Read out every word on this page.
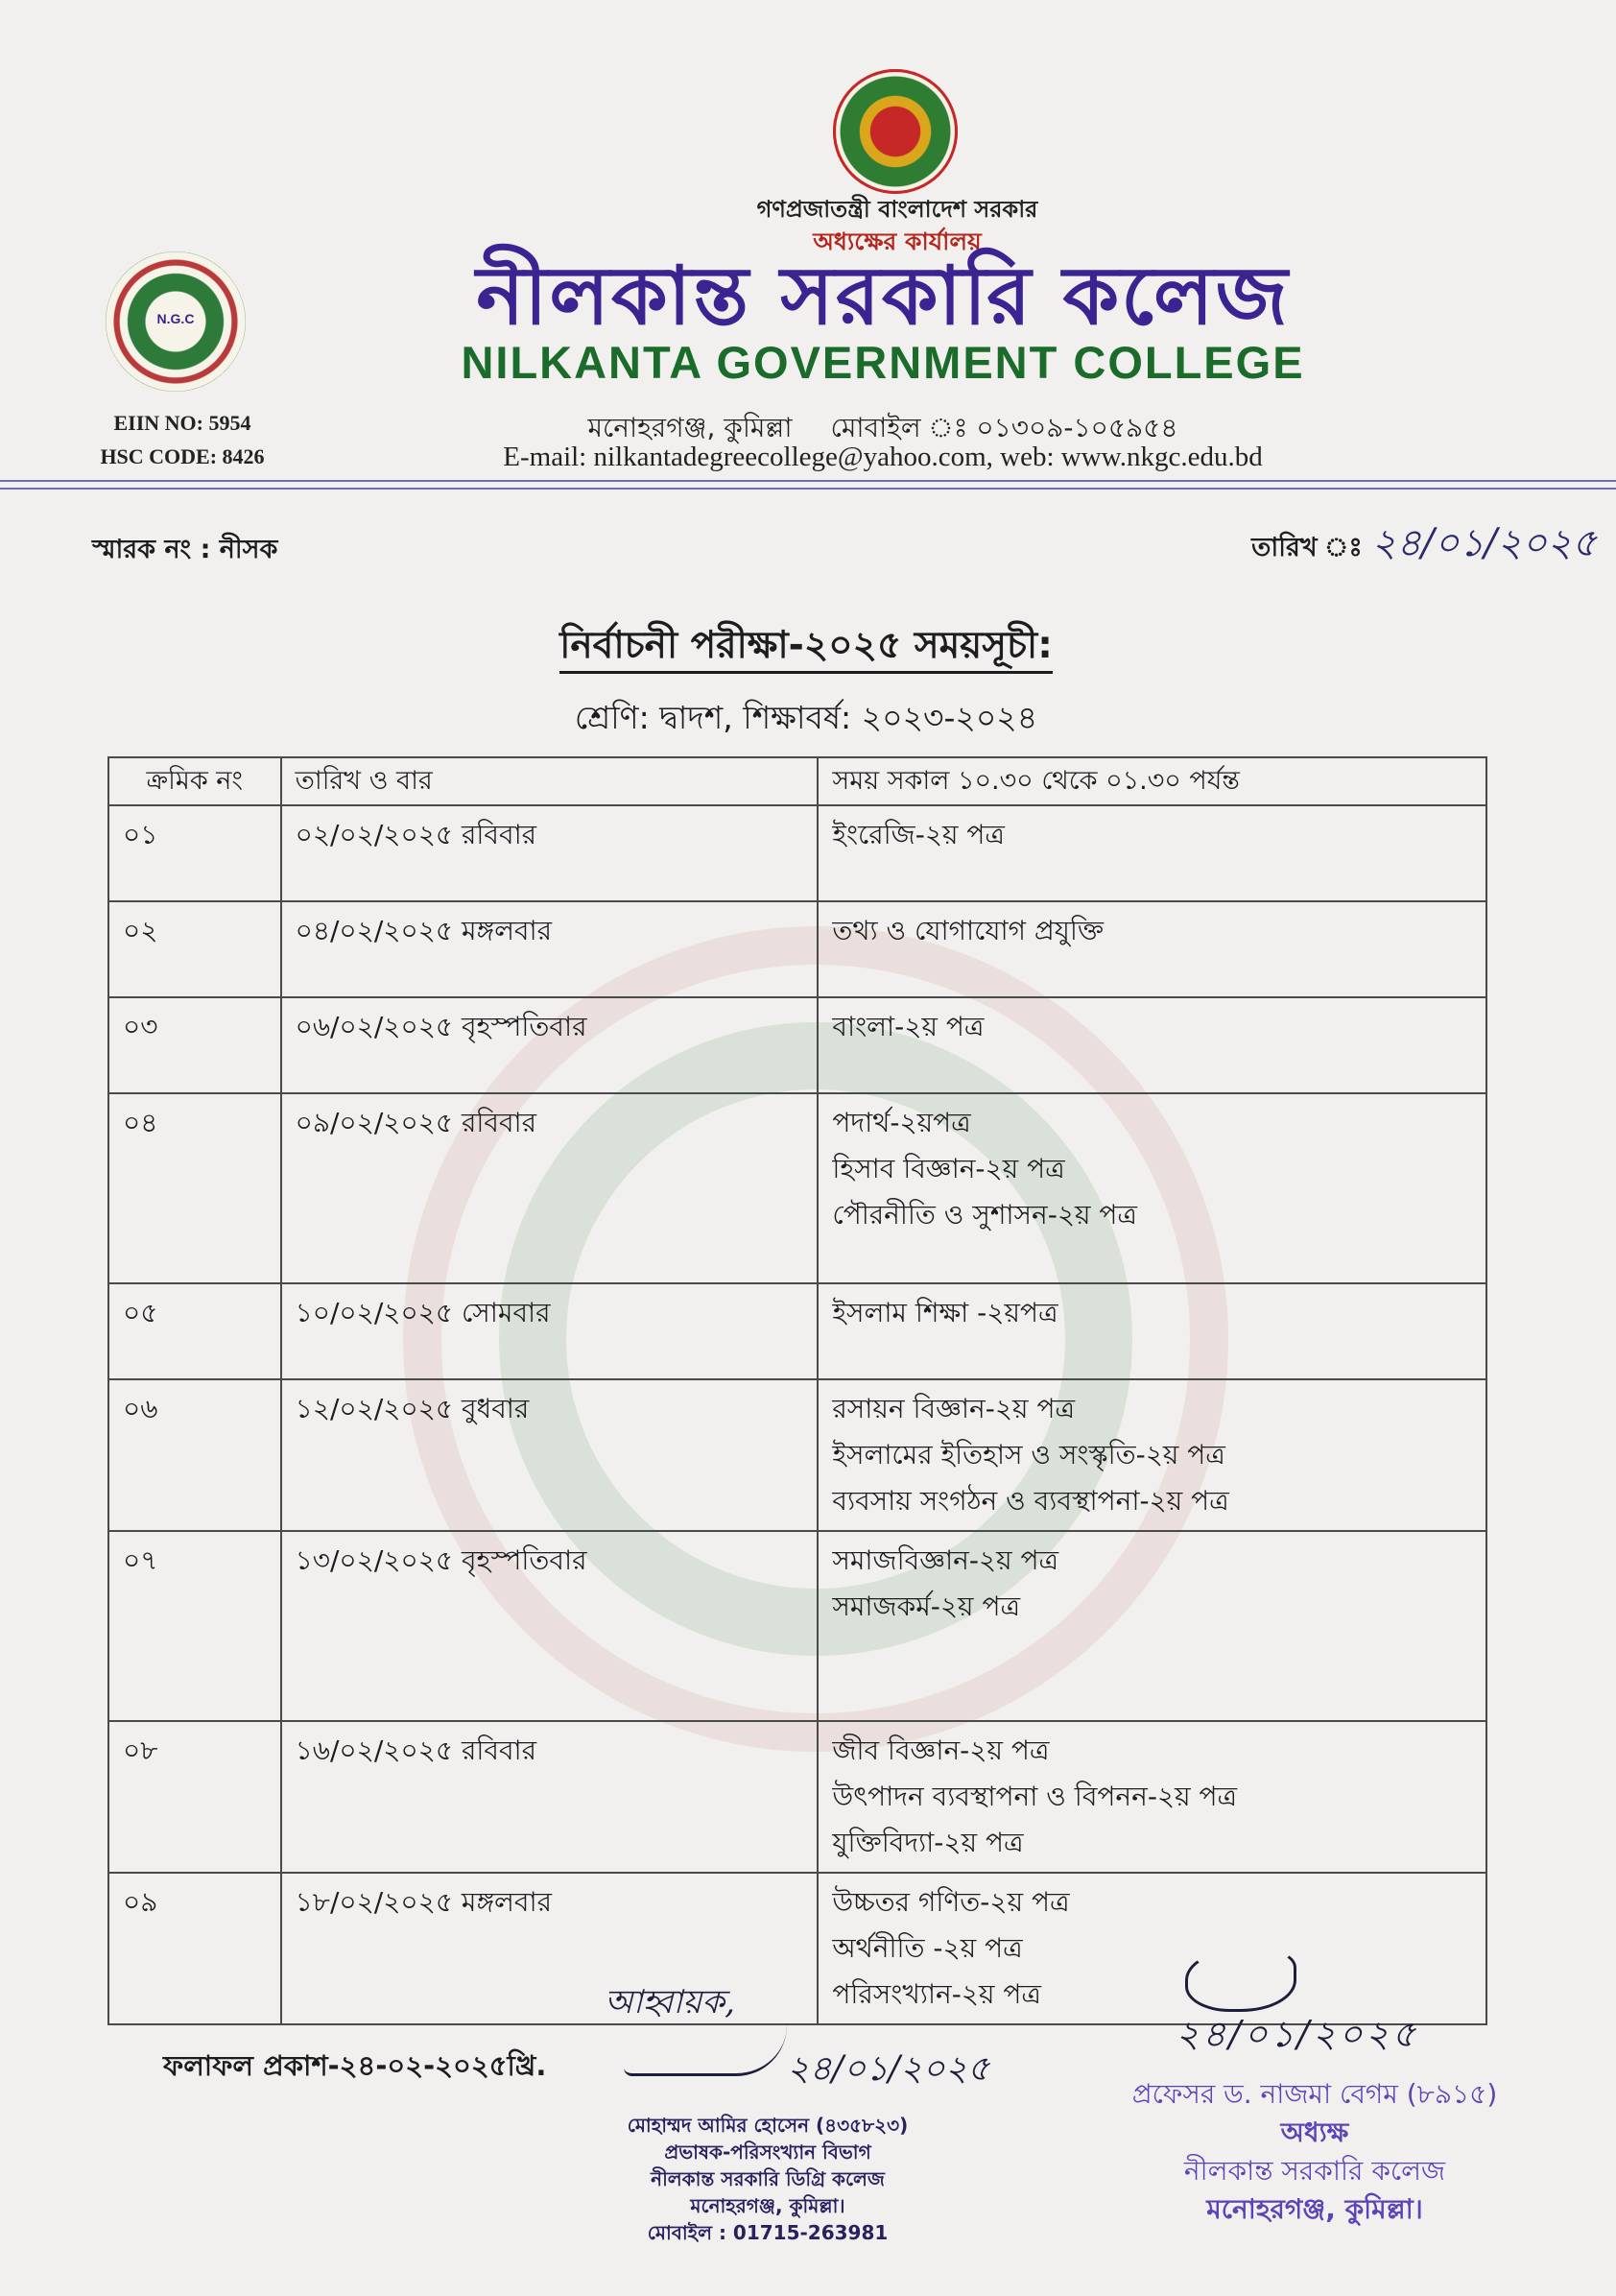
গণপ্রজাতন্ত্রী বাংলাদেশ সরকার
অধ্যক্ষের কার্যালয়
নীলকান্ত সরকারি কলেজ
NILKANTA GOVERNMENT COLLEGE
মনোহরগঞ্জ, কুমিল্লা মোবাইল ঃ ০১৩০৯-১০৫৯৫৪
E-mail: nilkantadegreecollege@yahoo.com, web: www.nkgc.edu.bd
N.G.C
EIIN NO: 5954
HSC CODE: 8426
স্মারক নং : নীসক	তারিখ ঃ ২৪/০১/২০২৫
নির্বাচনী পরীক্ষা-২০২৫ সময়সূচী:
শ্রেণি: দ্বাদশ, শিক্ষাবর্ষ: ২০২৩-২০২৪
ক্রমিক নং	তারিখ ও বার	সময় সকাল ১০.৩০ থেকে ০১.৩০ পর্যন্ত
০১	০২/০২/২০২৫ রবিবার	ইংরেজি-২য় পত্র

০২	০৪/০২/২০২৫ মঙ্গলবার	তথ্য ও যোগাযোগ প্রযুক্তি

০৩	০৬/০২/২০২৫ বৃহস্পতিবার	বাংলা-২য় পত্র

০৪	০৯/০২/২০২৫ রবিবার	পদার্থ-২য়পত্র
হিসাব বিজ্ঞান-২য় পত্র
পৌরনীতি ও সুশাসন-২য় পত্র

০৫	১০/০২/২০২৫ সোমবার	ইসলাম শিক্ষা -২য়পত্র

০৬	১২/০২/২০২৫ বুধবার	রসায়ন বিজ্ঞান-২য় পত্র
ইসলামের ইতিহাস ও সংস্কৃতি-২য় পত্র
ব্যবসায় সংগঠন ও ব্যবস্থাপনা-২য় পত্র

০৭	১৩/০২/২০২৫ বৃহস্পতিবার	সমাজবিজ্ঞান-২য় পত্র
সমাজকর্ম-২য় পত্র

০৮	১৬/০২/২০২৫ রবিবার	জীব বিজ্ঞান-২য় পত্র
উৎপাদন ব্যবস্থাপনা ও বিপনন-২য় পত্র
যুক্তিবিদ্যা-২য় পত্র

০৯	১৮/০২/২০২৫ মঙ্গলবার	উচ্চতর গণিত-২য় পত্র
অর্থনীতি -২য় পত্র
পরিসংখ্যান-২য় পত্র
ফলাফল প্রকাশ-২৪-০২-২০২৫খ্রি.
আহ্বায়ক,
২৪/০১/২০২৫
মোহাম্মদ আমির হোসেন (৪৩৫৮২৩)
প্রভাষক-পরিসংখ্যান বিভাগ
নীলকান্ত সরকারি ডিগ্রি কলেজ
মনোহরগঞ্জ, কুমিল্লা।
মোবাইল : 01715-263981
২৪/০১/২০২৫
প্রফেসর ড. নাজমা বেগম (৮৯১৫)
অধ্যক্ষ
নীলকান্ত সরকারি কলেজ
মনোহরগঞ্জ, কুমিল্লা।
